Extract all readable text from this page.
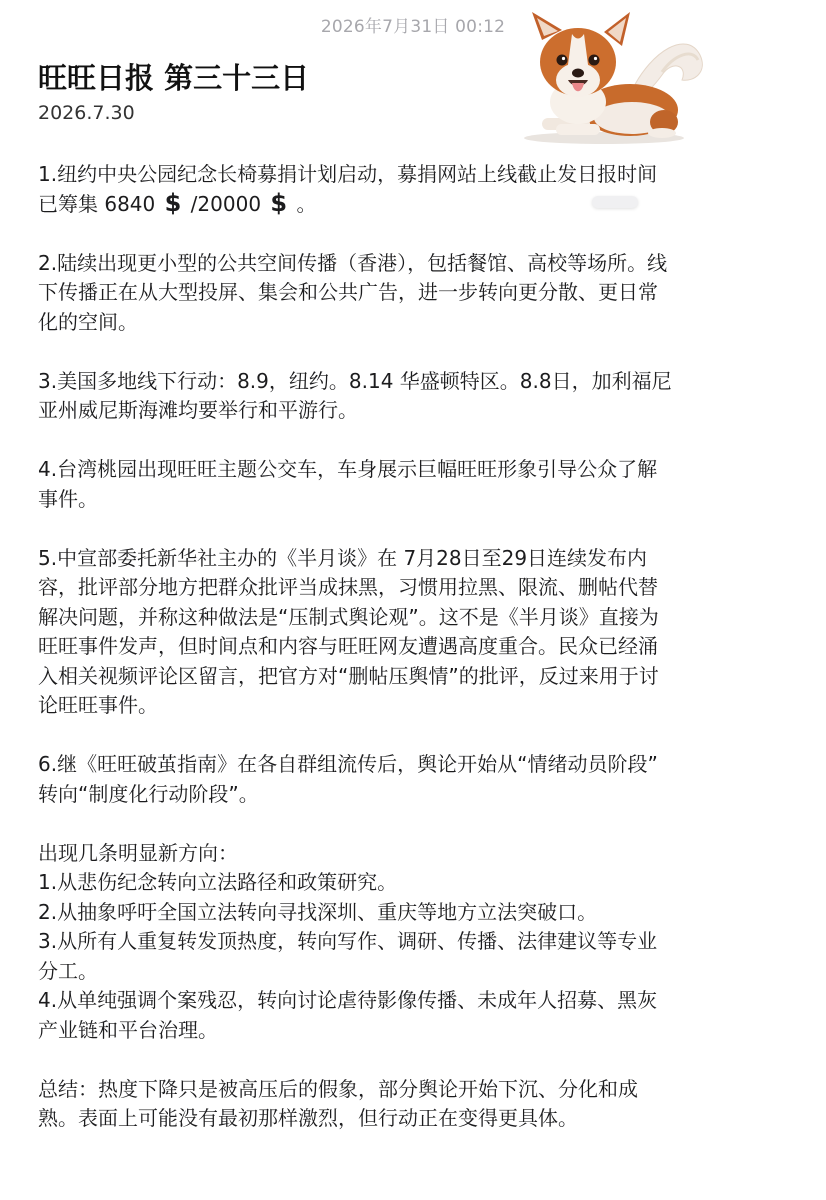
2026年7月31日 00:12
旺旺日报 第三十三日
2026.7.30
1.纽约中央公园纪念长椅募捐计划启动，募捐网站上线截止发日报时间
已筹集 6840 $ /20000 $ 。
2.陆续出现更小型的公共空间传播（香港），包括餐馆、高校等场所。线
下传播正在从大型投屏、集会和公共广告，进一步转向更分散、更日常
化的空间。
3.美国多地线下行动：8.9，纽约。8.14 华盛顿特区。8.8日，加利福尼
亚州威尼斯海滩均要举行和平游行。
4.台湾桃园出现旺旺主题公交车，车身展示巨幅旺旺形象引导公众了解
事件。
5.中宣部委托新华社主办的《半月谈》在 7月28日至29日连续发布内
容，批评部分地方把群众批评当成抹黑，习惯用拉黑、限流、删帖代替
解决问题，并称这种做法是“压制式舆论观”。这不是《半月谈》直接为
旺旺事件发声，但时间点和内容与旺旺网友遭遇高度重合。民众已经涌
入相关视频评论区留言，把官方对“删帖压舆情”的批评，反过来用于讨
论旺旺事件。
6.继《旺旺破茧指南》在各自群组流传后，舆论开始从“情绪动员阶段”
转向“制度化行动阶段”。
出现几条明显新方向：
1.从悲伤纪念转向立法路径和政策研究。
2.从抽象呼吁全国立法转向寻找深圳、重庆等地方立法突破口。
3.从所有人重复转发顶热度，转向写作、调研、传播、法律建议等专业
分工。
4.从单纯强调个案残忍，转向讨论虐待影像传播、未成年人招募、黑灰
产业链和平台治理。
总结：热度下降只是被高压后的假象，部分舆论开始下沉、分化和成
熟。表面上可能没有最初那样激烈，但行动正在变得更具体。
